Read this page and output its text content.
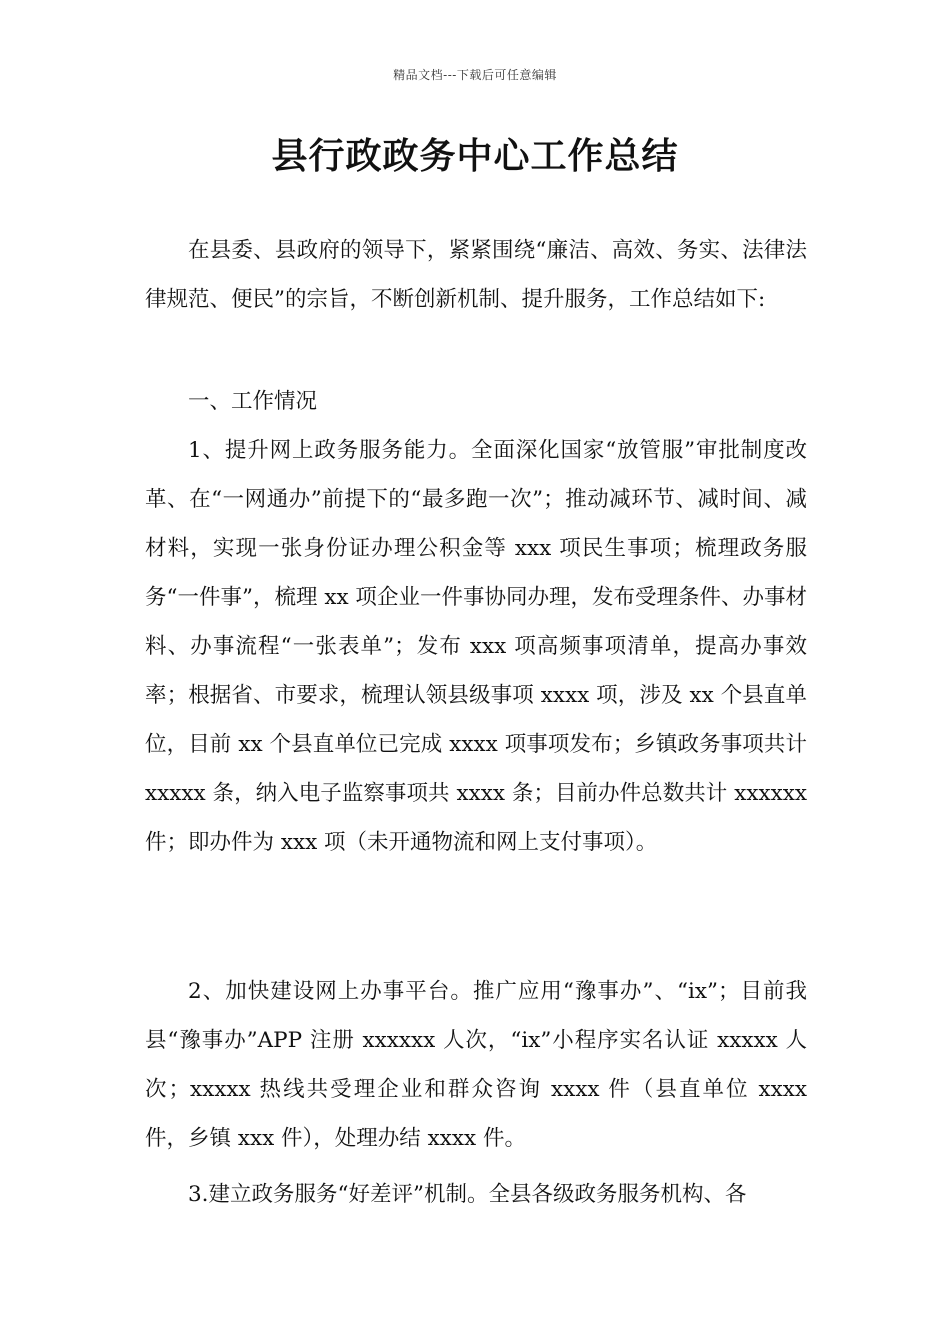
精品文档---下载后可任意编辑
县行政政务中心工作总结

在县委、县政府的领导下，紧紧围绕“廉洁、高效、务实、法律法律规范、便民”的宗旨，不断创新机制、提升服务，工作总结如下:

一、工作情况

1、提升网上政务服务能力。全面深化国家“放管服”审批制度改革、在“一网通办”前提下的“最多跑一次”；推动减环节、减时间、减材料，实现一张身份证办理公积金等 xxx 项民生事项；梳理政务服务“一件事”，梳理 xx 项企业一件事协同办理，发布受理条件、办事材料、办事流程“一张表单”；发布 xxx 项高频事项清单，提高办事效率；根据省、市要求，梳理认领县级事项 xxxx 项，涉及 xx 个县直单位，目前 xx 个县直单位已完成 xxxx 项事项发布；乡镇政务事项共计 xxxxx 条，纳入电子监察事项共 xxxx 条；目前办件总数共计 xxxxxx 件；即办件为 xxx 项（未开通物流和网上支付事项）。

2、加快建设网上办事平台。推广应用“豫事办”、“ix”；目前我县“豫事办”APP 注册 xxxxxx 人次，“ix”小程序实名认证 xxxxx 人次；xxxxx 热线共受理企业和群众咨询 xxxx 件（县直单位 xxxx 件，乡镇 xxx 件），处理办结 xxxx 件。

3.建立政务服务“好差评”机制。全县各级政务服务机构、各
